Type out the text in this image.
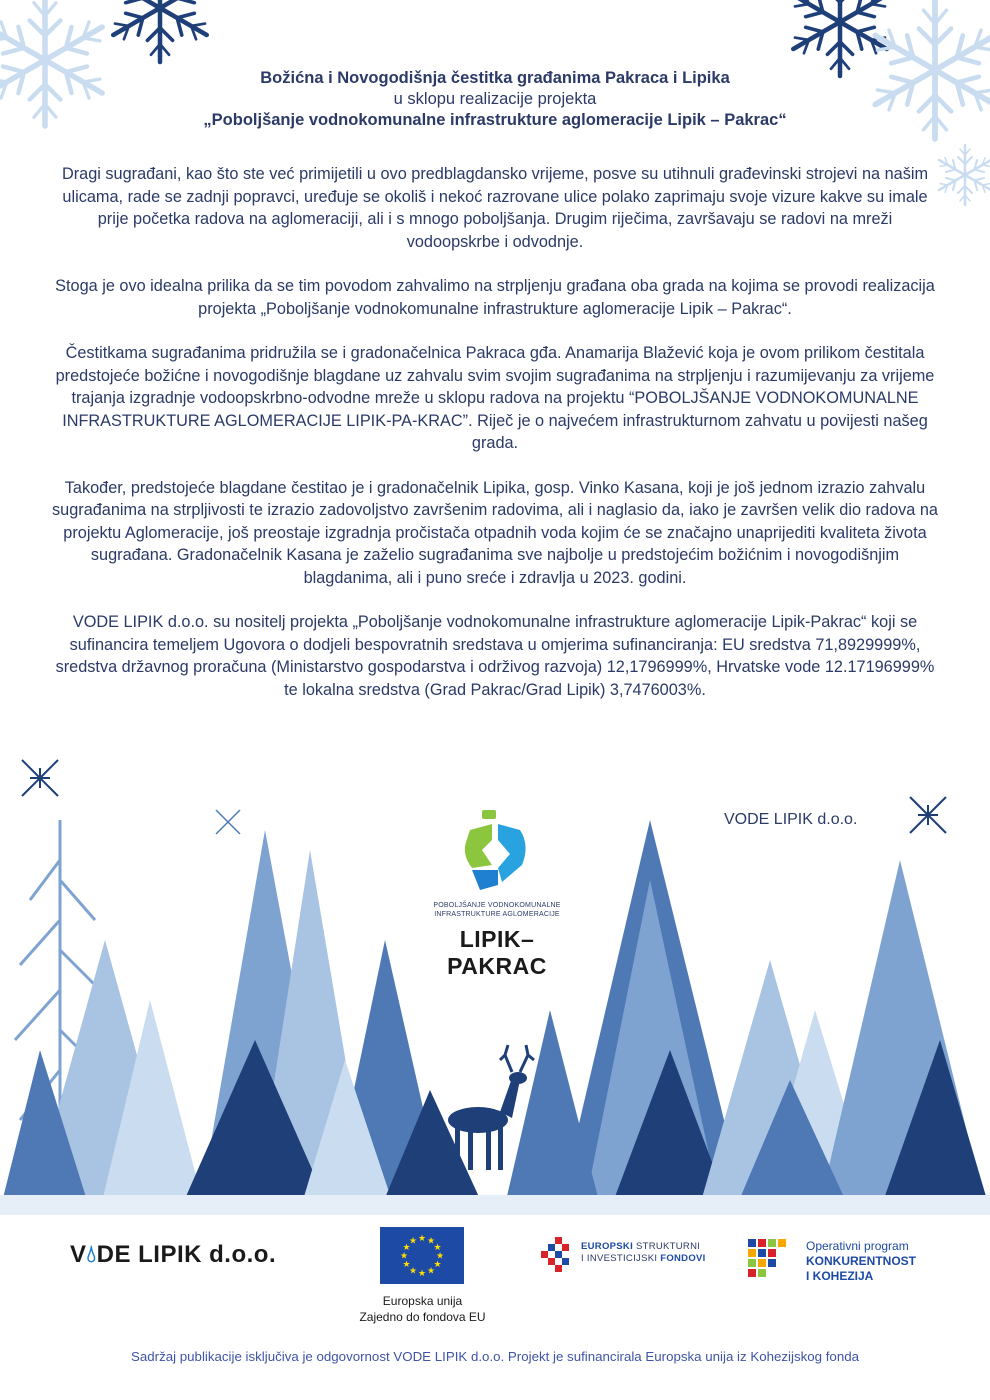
Božićna i Novogodišnja čestitka građanima Pakraca i Lipika
u sklopu realizacije projekta
„Poboljšanje vodnokomunalne infrastrukture aglomeracije Lipik – Pakrac“

Dragi sugrađani, kao što ste već primijetili u ovo predblagdansko vrijeme, posve su utihnuli građevinski strojevi na našim ulicama, rade se zadnji popravci, uređuje se okoliš i nekoć razrovane ulice polako zaprimaju svoje vizure kakve su imale prije početka radova na aglomeraciji, ali i s mnogo poboljšanja. Drugim riječima, završavaju se radovi na mreži vodoopskrbe i odvodnje.

Stoga je ovo idealna prilika da se tim povodom zahvalimo na strpljenju građana oba grada na kojima se provodi realizacija projekta „Poboljšanje vodnokomunalne infrastrukture aglomeracije Lipik – Pakrac“.

Čestitkama sugrađanima pridružila se i gradonačelnica Pakraca gđa. Anamarija Blažević koja je ovom prilikom čestitala predstojeće božićne i novogodišnje blagdane uz zahvalu svim svojim sugrađanima na strpljenju i razumijevanju za vrijeme trajanja izgradnje vodoopskrbno-odvodne mreže u sklopu radova na projektu “POBOLJŠANJE VODNOKOMUNALNE INFRASTRUKTURE AGLOMERACIJE LIPIK-PA-KRAC”. Riječ je o najvećem infrastrukturnom zahvatu u povijesti našeg grada.

Također, predstojeće blagdane čestitao je i gradonačelnik Lipika, gosp. Vinko Kasana, koji je još jednom izrazio zahvalu sugrađanima na strpljivosti te izrazio zadovoljstvo završenim radovima, ali i naglasio da, iako je završen velik dio radova na projektu Aglomeracije, još preostaje izgradnja pročistača otpadnih voda kojim će se značajno unaprijediti kvaliteta života sugrađana. Gradonačelnik Kasana je zaželio sugrađanima sve najbolje u predstojećim božićnim i novogodišnjim blagdanima, ali i puno sreće i zdravlja u 2023. godini.

VODE LIPIK d.o.o. su nositelj projekta „Poboljšanje vodnokomunalne infrastrukture aglomeracije Lipik-Pakrac“ koji se sufinancira temeljem Ugovora o dodjeli bespovratnih sredstava u omjerima sufinanciranja: EU sredstva 71,8929999%, sredstva državnog proračuna (Ministarstvo gospodarstva i održivog razvoja) 12,1796999%, Hrvatske vode 12.17196999% te lokalna sredstva (Grad Pakrac/Grad Lipik) 3,7476003%.

VODE LIPIK d.o.o.
POBOLJŠANJE VODNOKOMUNALNE
INFRASTRUKTURE AGLOMERACIJE
LIPIK–PAKRAC
V💧︎DE LIPIK d.o.o.
★ ★
★
★
★
★
★
★
★
★
★
★
Europska unija
Zajedno do fondova EU
EUROPSKI STRUKTURNI
I INVESTICIJSKI FONDOVI
Operativni program
KONKURENTNOST
I KOHEZIJA
Sadržaj publikacije isključiva je odgovornost VODE LIPIK d.o.o. Projekt je sufinancirala Europska unija iz Kohezijskog fonda
